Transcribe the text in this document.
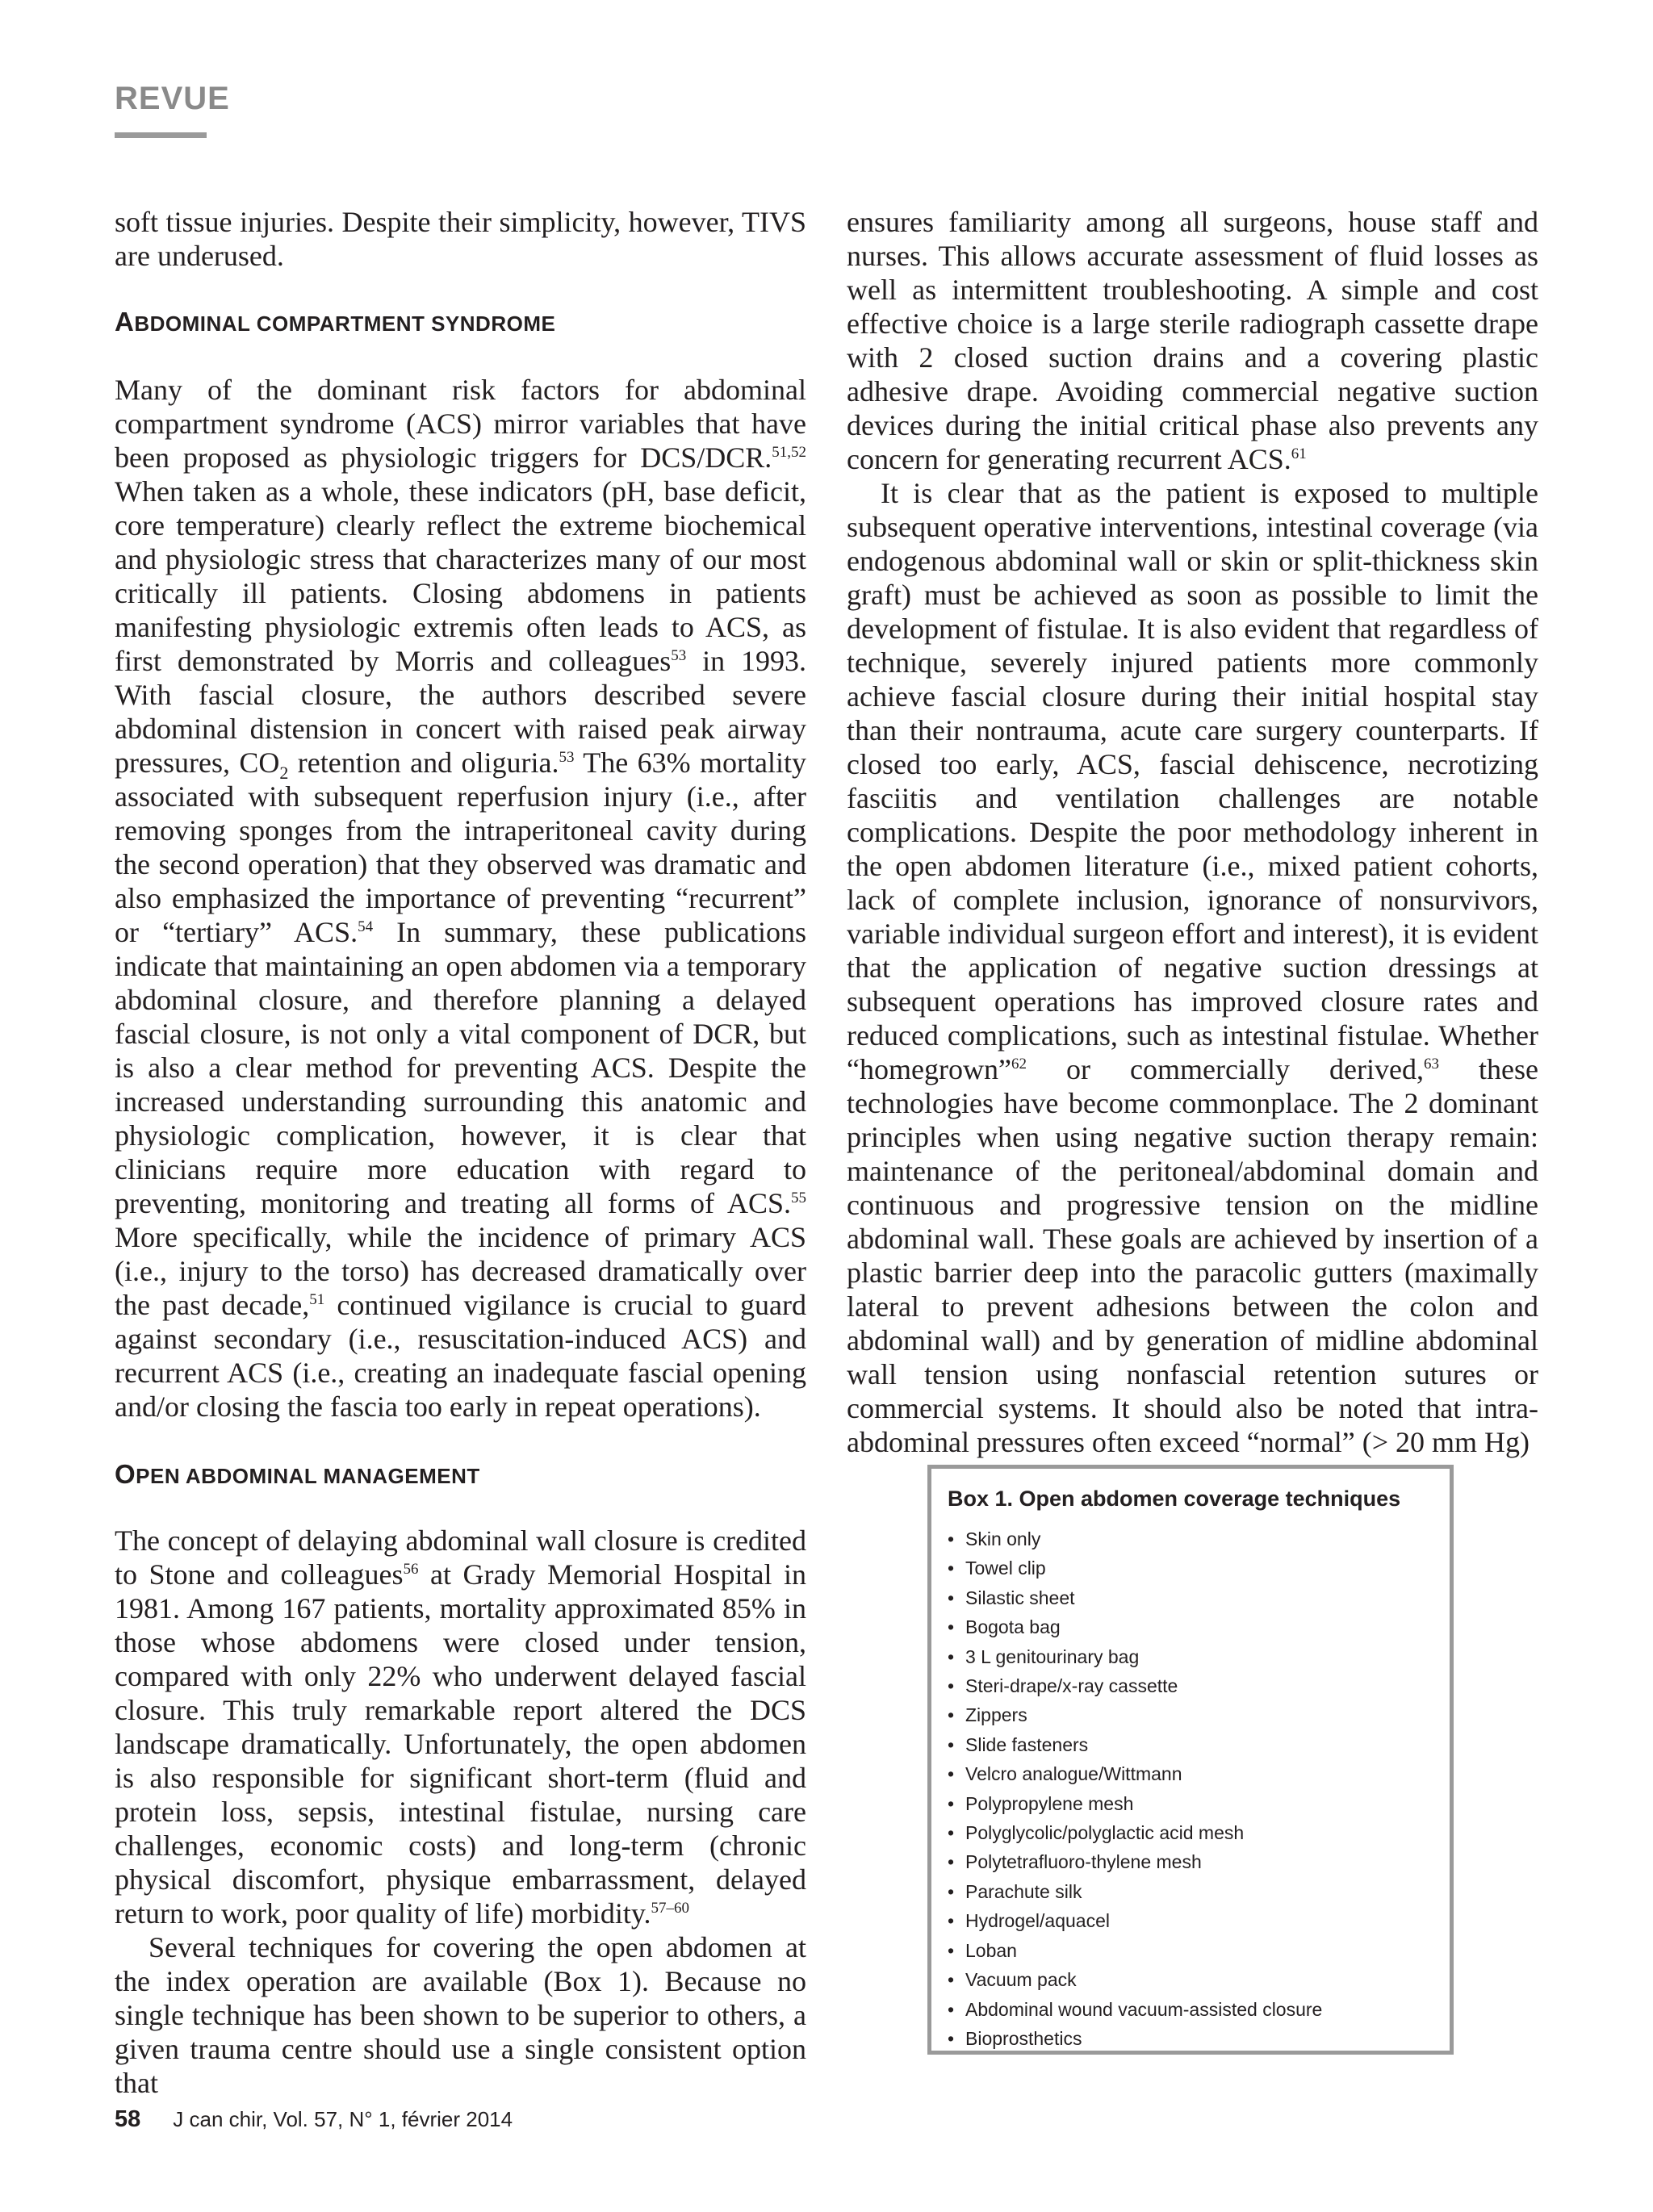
REVUE

soft tissue injuries. Despite their simplicity, however, TIVS are underused.

ABDOMINAL COMPARTMENT SYNDROME

Many of the dominant risk factors for abdominal compartment syndrome (ACS) mirror variables that have been proposed as physiologic triggers for DCS/DCR.$^{51,52}$ When taken as a whole, these indicators (pH, base deficit, core temperature) clearly reflect the extreme biochemical and physiologic stress that characterizes many of our most critically ill patients. Closing abdomens in patients manifesting physiologic extremis often leads to ACS, as first demonstrated by Morris and colleagues$^{53}$ in 1993. With fascial closure, the authors described severe abdominal distension in concert with raised peak airway pressures, $CO_2$ retention and oliguria.$^{53}$ The 63% mortality associated with subsequent reperfusion injury (i.e., after removing sponges from the intraperitoneal cavity during the second operation) that they observed was dramatic and also emphasized the importance of preventing “recurrent” or “tertiary” ACS.$^{54}$ In summary, these publications indicate that maintaining an open abdomen via a temporary abdominal closure, and therefore planning a delayed fascial closure, is not only a vital component of DCR, but is also a clear method for preventing ACS. Despite the increased understanding surrounding this anatomic and physiologic complication, however, it is clear that clinicians require more education with regard to preventing, monitoring and treating all forms of ACS.$^{55}$ More specifically, while the incidence of primary ACS (i.e., injury to the torso) has decreased dramatically over the past decade,$^{51}$ continued vigilance is crucial to guard against secondary (i.e., resuscitation-induced ACS) and recurrent ACS (i.e., creating an inadequate fascial opening and/or closing the fascia too early in repeat operations).

OPEN ABDOMINAL MANAGEMENT

The concept of delaying abdominal wall closure is credited to Stone and colleagues$^{56}$ at Grady Memorial Hospital in 1981. Among 167 patients, mortality approximated 85% in those whose abdomens were closed under tension, compared with only 22% who underwent delayed fascial closure. This truly remarkable report altered the DCS landscape dramatically. Unfortunately, the open abdomen is also responsible for significant short-term (fluid and protein loss, sepsis, intestinal fistulae, nursing care challenges, economic costs) and long-term (chronic physical discomfort, physique embarrassment, delayed return to work, poor quality of life) morbidity.$^{57-60}$

Several techniques for covering the open abdomen at the index operation are available (Box 1). Because no single technique has been shown to be superior to others, a given trauma centre should use a single consistent option that

ensures familiarity among all surgeons, house staff and nurses. This allows accurate assessment of fluid losses as well as intermittent troubleshooting. A simple and cost effective choice is a large sterile radiograph cassette drape with 2 closed suction drains and a covering plastic adhesive drape. Avoiding commercial negative suction devices during the initial critical phase also prevents any concern for generating recurrent ACS.$^{61}$

It is clear that as the patient is exposed to multiple subsequent operative interventions, intestinal coverage (via endogenous abdominal wall or skin or split-thickness skin graft) must be achieved as soon as possible to limit the development of fistulae. It is also evident that regardless of technique, severely injured patients more commonly achieve fascial closure during their initial hospital stay than their nontrauma, acute care surgery counterparts. If closed too early, ACS, fascial dehiscence, necrotizing fasciitis and ventilation challenges are notable complications. Despite the poor methodology inherent in the open abdomen literature (i.e., mixed patient cohorts, lack of complete inclusion, ignorance of nonsurvivors, variable individual surgeon effort and interest), it is evident that the application of negative suction dressings at subsequent operations has improved closure rates and reduced complications, such as intestinal fistulae. Whether “homegrown”$^{62}$ or commercially derived,$^{63}$ these technologies have become commonplace. The 2 dominant principles when using negative suction therapy remain: maintenance of the peritoneal/abdominal domain and continuous and progressive tension on the midline abdominal wall. These goals are achieved by insertion of a plastic barrier deep into the paracolic gutters (maximally lateral to prevent adhesions between the colon and abdominal wall) and by generation of midline abdominal wall tension using nonfascial retention sutures or commercial systems. It should also be noted that intra-abdominal pressures often exceed “normal” (> 20 mm Hg)

Box 1. Open abdomen coverage techniques
• Skin only
• Towel clip
• Silastic sheet
• Bogota bag
• 3 L genitourinary bag
• Steri-drape/x-ray cassette
• Zippers
• Slide fasteners
• Velcro analogue/Wittmann
• Polypropylene mesh
• Polyglycolic/polyglactic acid mesh
• Polytetrafluoro-thylene mesh
• Parachute silk
• Hydrogel/aquacel
• Loban
• Vacuum pack
• Abdominal wound vacuum-assisted closure
• Bioprosthetics
58 J can chir, Vol. 57, N° 1, février 2014
